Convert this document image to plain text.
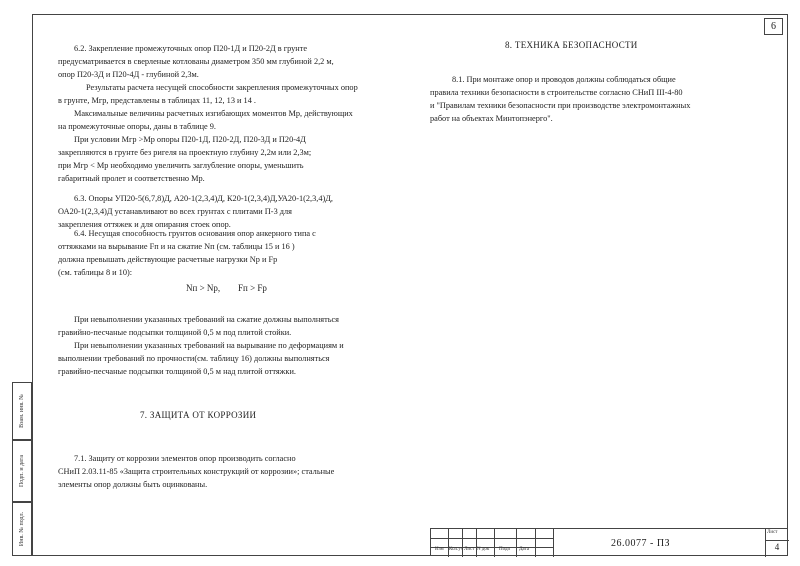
6
Взам. инв. №
Подп. и дата
Инв. № подл.
6.2. Закрепление промежуточных опор П20-1Д и П20-2Д в грунте
предусматривается в сверленые котлованы диаметром 350 мм глубиной 2,2 м,
опор П20-3Д и П20-4Д - глубиной 2,3м.
Результаты расчета несущей способности закрепления промежуточных опор
в грунте, Мгр, представлены в таблицах 11, 12, 13 и 14 .
Максимальные величины расчетных изгибающих моментов Мр, действующих
на промежуточные опоры, даны в таблице 9.
При условии Мгр >Мр опоры П20-1Д, П20-2Д, П20-3Д и П20-4Д
закрепляются в грунте без ригеля на проектную глубину 2,2м или 2,3м;
при Мгр < Мр необходимо увеличить заглубление опоры, уменьшить
габаритный пролет и соответственно Мр.
6.3. Опоры УП20-5(6,7,8)Д, А20-1(2,3,4)Д, К20-1(2,3,4)Д,УА20-1(2,3,4)Д,
ОА20-1(2,3,4)Д устанавливают во всех грунтах с плитами П-3 для
закрепления оттяжек и для опирания стоек опор.
6.4. Несущая способность грунтов основания опор анкерного типа с
оттяжками на вырывание Fп и на сжатие Nп (см. таблицы 15 и 16 )
должна превышать действующие расчетные нагрузки Nр и Fр
(см. таблицы 8 и 10):
Nп > Nр, Fп > Fр
При невыполнении указанных требований на сжатие должны выполняться
гравийно-песчаные подсыпки толщиной 0,5 м под плитой стойки.
При невыполнении указанных требований на вырывание по деформациям и
выполнении требований по прочности(см. таблицу 16) должны выполняться
гравийно-песчаные подсыпки толщиной 0,5 м над плитой оттяжки.
7. ЗАЩИТА ОТ КОРРОЗИИ
7.1. Защиту от коррозии элементов опор производить согласно
СНиП 2.03.11-85 «Защита строительных конструкций от коррозии»; стальные
элементы опор должны быть оцинкованы.
8. ТЕХНИКА БЕЗОПАСНОСТИ
8.1. При монтаже опор и проводов должны соблюдаться общие
правила техники безопасности в строительстве согласно СНиП III-4-80
и "Правилам техники безопасности при производстве электромонтажных
работ на объектах Минтопэнерго".
Изм Кол.уч Лист N док Подп Дата
26.0077 - ПЗ
Лист
4
